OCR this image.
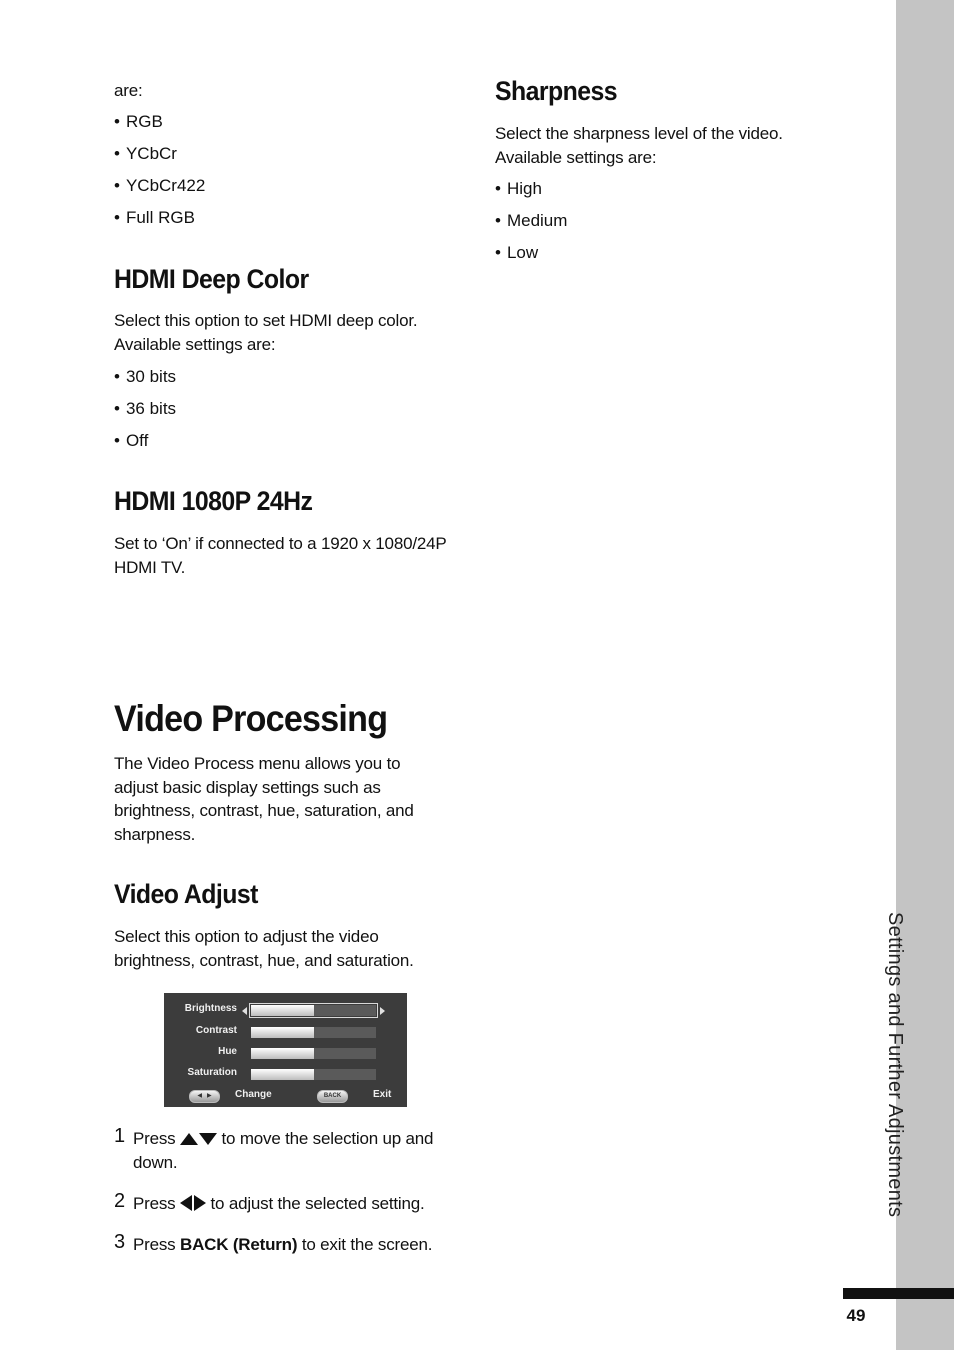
are:
• RGB
• YCbCr
• YCbCr422
• Full RGB
HDMI Deep Color
Select this option to set HDMI deep color. Available settings are:
• 30 bits
• 36 bits
• Off
HDMI 1080P 24Hz
Set to ‘On’ if connected to a 1920 x 1080/24P HDMI TV.
Video Processing
The Video Process menu allows you to adjust basic display settings such as brightness, contrast, hue, saturation, and sharpness.
Video Adjust
Select this option to adjust the video brightness, contrast, hue, and saturation.
Brightness
Contrast
Hue
Saturation
◀   ▶	Change	BACK	Exit
1 Press	to move the selection up and down.
2 Press to adjust the selected setting.
3 Press BACK (Return) to exit the screen.
Sharpness
Select the sharpness level of the video. Available settings are:
• High
• Medium
• Low
Settings and Further Adjustments
49
